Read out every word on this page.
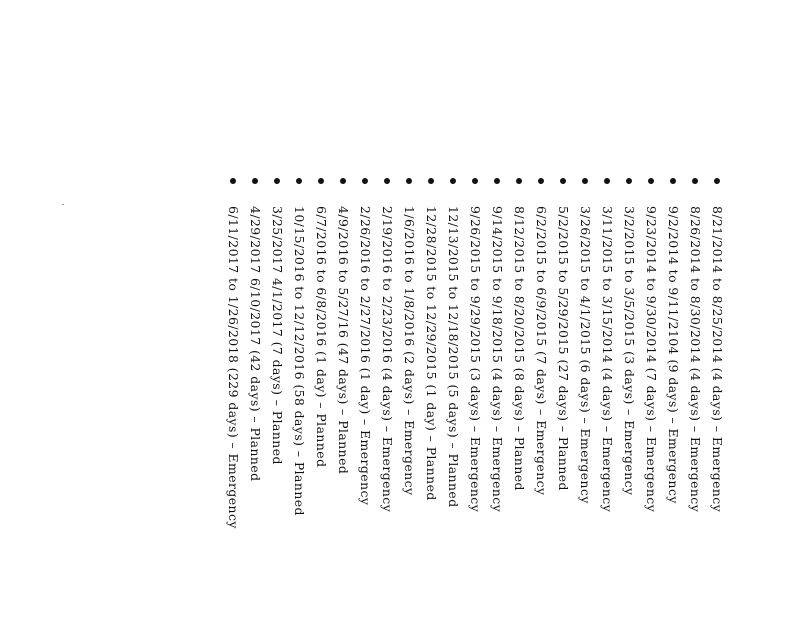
8/21/2014 to 8/25/2014 (4 days) – Emergency
8/26/2014 to 8/30/2014 (4 days) – Emergency
9/2/2014 to 9/11/2104 (9 days) – Emergency
9/23/2014 to 9/30/2014 (7 days) – Emergency
3/2/2015 to 3/5/2015 (3 days) – Emergency
3/11/2015 to 3/15/2014 (4 days) – Emergency
3/26/2015 to 4/1/2015 (6 days) – Emergency
5/2/2015 to 5/29/2015 (27 days) – Planned
6/2/2015 to 6/9/2015 (7 days) – Emergency
8/12/2015 to 8/20/2015 (8 days) – Planned
9/14/2015 to 9/18/2015 (4 days) – Emergency
9/26/2015 to 9/29/2015 (3 days) – Emergency
12/13/2015 to 12/18/2015 (5 days) – Planned
12/28/2015 to 12/29/2015 (1 day) – Planned
1/6/2016 to 1/8/2016 (2 days) – Emergency
2/19/2016 to 2/23/2016 (4 days) – Emergency
2/26/2016 to 2/27/2016 (1 day) – Emergency
4/9/2016 to 5/27/16 (47 days) – Planned
6/7/2016 to 6/8/2016 (1 day) – Planned
10/15/2016 to 12/12/2016 (58 days) – Planned
3/25/2017 4/1/2017 (7 days) – Planned
4/29/2017 6/10/2017 (42 days) – Planned
6/11/2017 to 1/26/2018 (229 days) – Emergency
